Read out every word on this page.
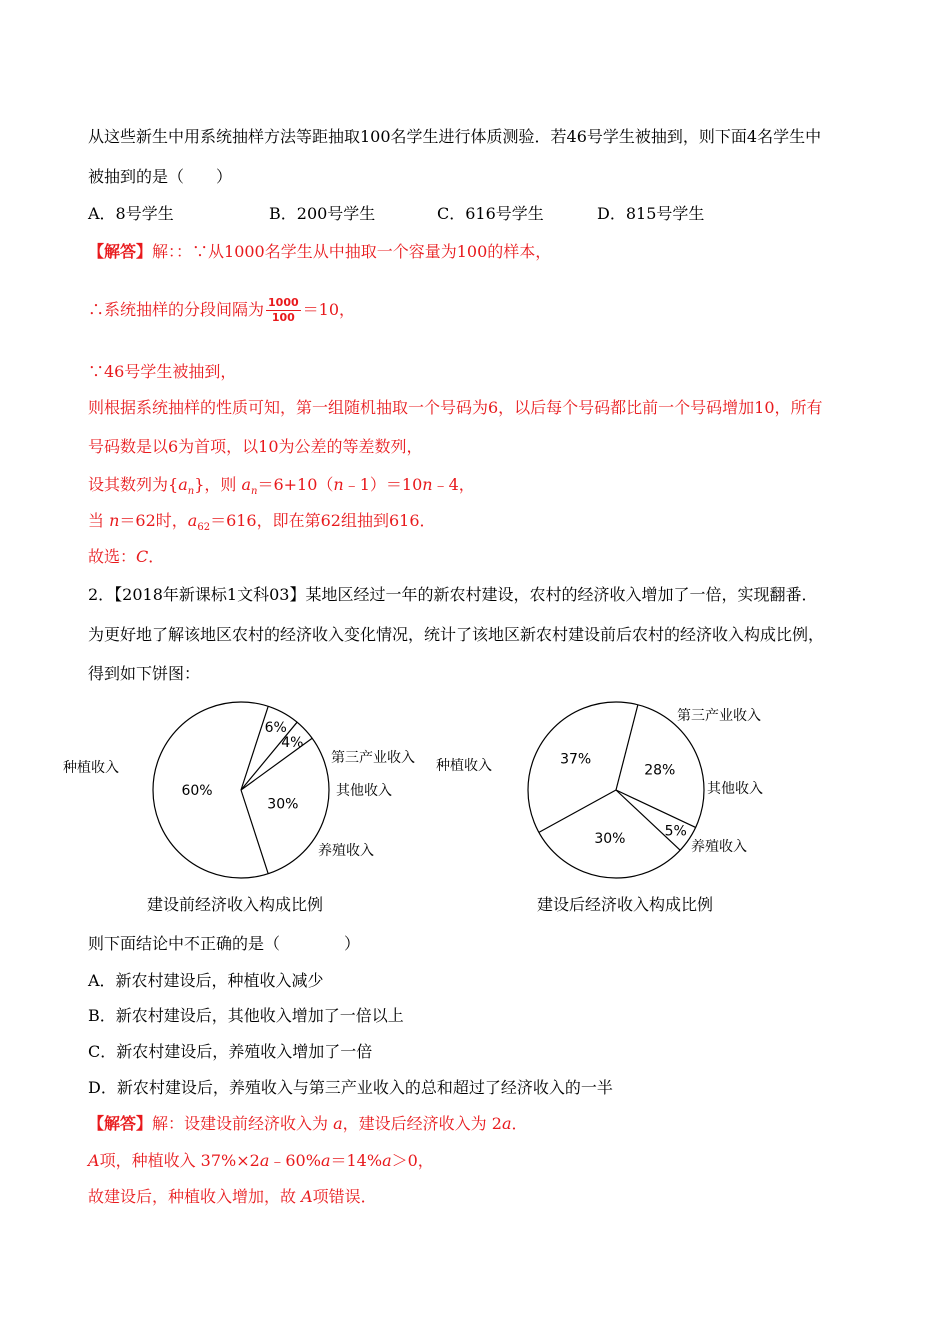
从这些新生中用系统抽样方法等距抽取100名学生进行体质测验．若46号学生被抽到，则下面4名学生中
被抽到的是（　　）
A．8号学生	B．200号学生	C．616号学生	D．815号学生
【解答】解：：∵从1000名学生从中抽取一个容量为100的样本，
∴系统抽样的分段间隔为 $\frac{1000}{100} =10$，
∵46号学生被抽到，
则根据系统抽样的性质可知，第一组随机抽取一个号码为6，以后每个号码都比前一个号码增加10，所有
号码数是以6为首项，以10为公差的等差数列，
设其数列为$\{a_n\}$，则 $a_n=6+10(n﹣1)=10n﹣4$，
当 n＝62时，$a_{62}=616$，即在第62组抽到616．
故选：C．
2．【2018年新课标1文科03】某地区经过一年的新农村建设，农村的经济收入增加了一倍，实现翻番．
为更好地了解该地区农村的经济收入变化情况，统计了该地区新农村建设前后农村的经济收入构成比例，
得到如下饼图：
60%
6%
4%
30%
种植收入
第三产业收入
其他收入
养殖收入
建设前经济收入构成比例
37%
28%
5%
30%
种植收入
第三产业收入
其他收入
养殖收入
建设后经济收入构成比例
则下面结论中不正确的是（　　　　）
A．新农村建设后，种植收入减少
B．新农村建设后，其他收入增加了一倍以上
C．新农村建设后，养殖收入增加了一倍
D．新农村建设后，养殖收入与第三产业收入的总和超过了经济收入的一半
【解答】解：设建设前经济收入为 a，建设后经济收入为 2a．
A项，种植收入 37%×2a﹣60%a＝14%a＞0，
故建设后，种植收入增加，故 A项错误．
